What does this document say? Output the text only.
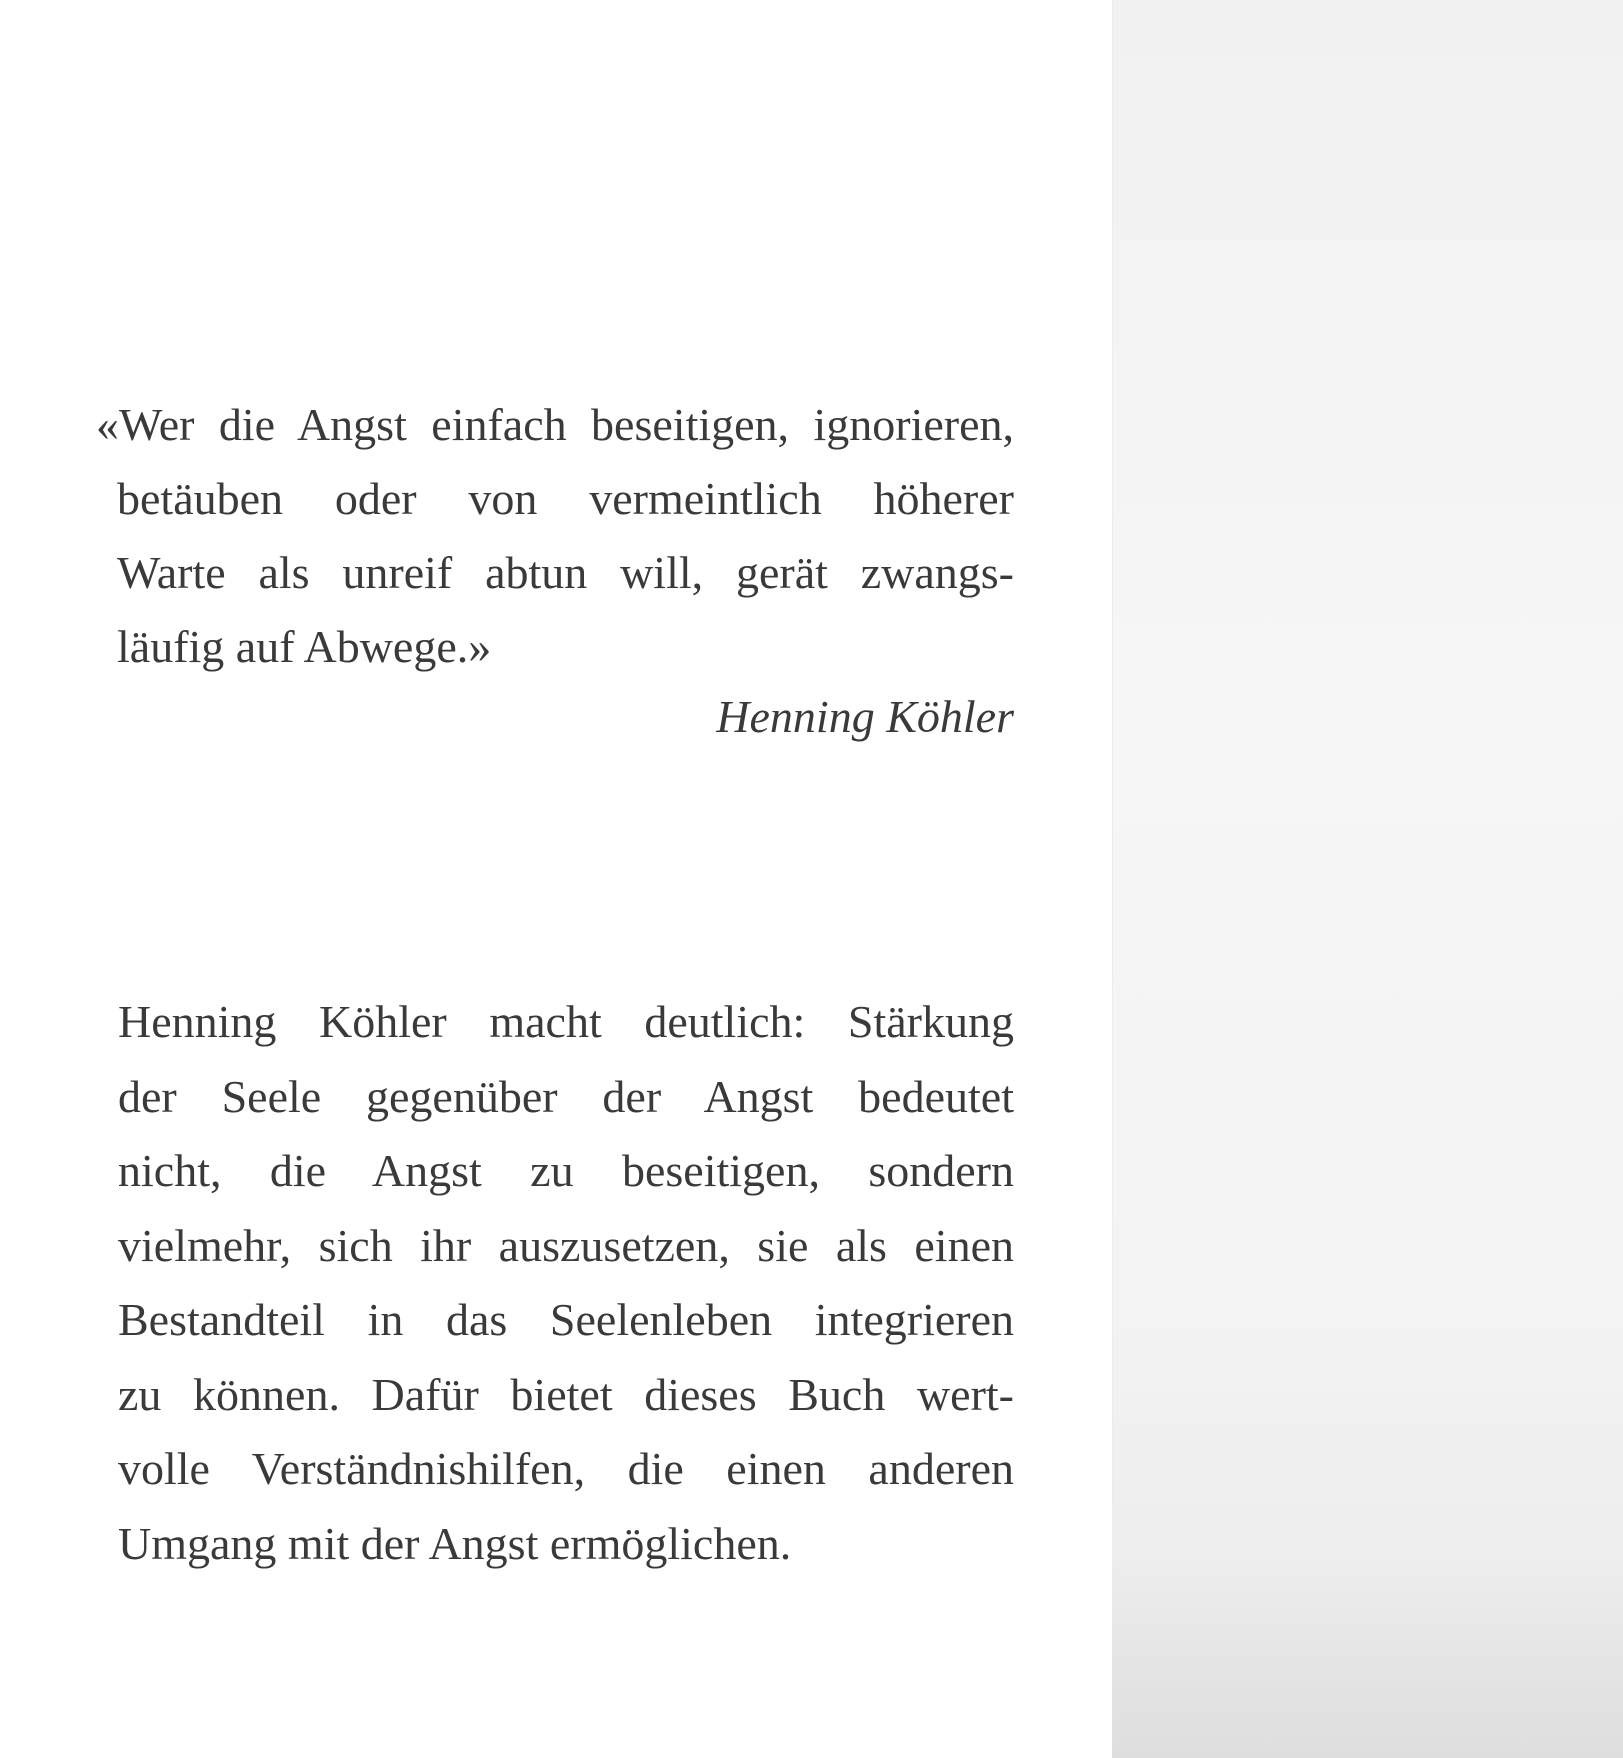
«Wer die Angst einfach beseitigen, ignorieren,
betäuben oder von vermeintlich höherer
Warte als unreif abtun will, gerät zwangs-
läufig auf Abwege.»
Henning Köhler
Henning Köhler macht deutlich: Stärkung
der Seele gegenüber der Angst bedeutet
nicht, die Angst zu beseitigen, sondern
vielmehr, sich ihr auszusetzen, sie als einen
Bestandteil in das Seelenleben integrieren
zu können. Dafür bietet dieses Buch wert-
volle Verständnishilfen, die einen anderen
Umgang mit der Angst ermöglichen.
